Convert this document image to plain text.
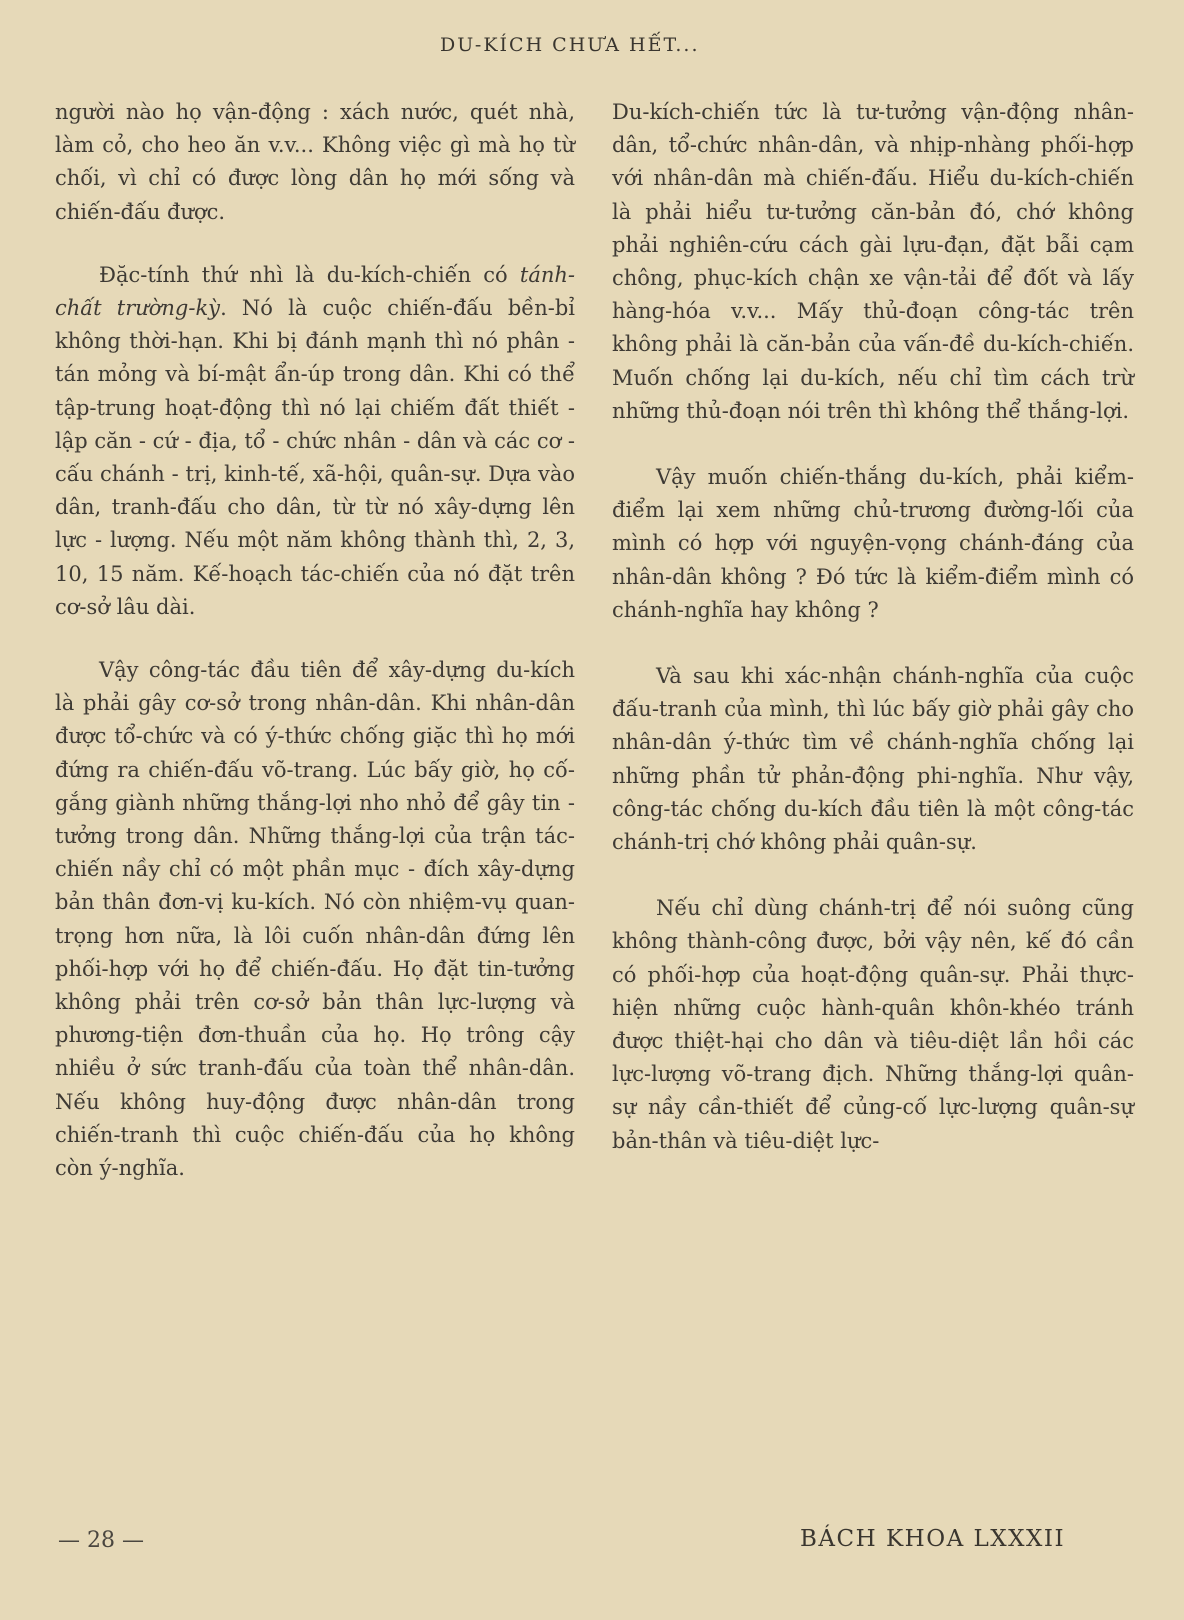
DU-KÍCH CHƯA HẾT...

người nào họ vận-động : xách nước, quét nhà, làm cỏ, cho heo ăn v.v... Không việc gì mà họ từ chối, vì chỉ có được lòng dân họ mới sống và chiến-đấu được.

Đặc-tính thứ nhì là du-kích-chiến có tánh-chất trường-kỳ. Nó là cuộc chiến-đấu bền-bỉ không thời-hạn. Khi bị đánh mạnh thì nó phân - tán mỏng và bí-mật ẩn-úp trong dân. Khi có thể tập-trung hoạt-động thì nó lại chiếm đất thiết - lập căn - cứ - địa, tổ - chức nhân - dân và các cơ - cấu chánh - trị, kinh-tế, xã-hội, quân-sự. Dựa vào dân, tranh-đấu cho dân, từ từ nó xây-dựng lên lực - lượng. Nếu một năm không thành thì, 2, 3, 10, 15 năm. Kế-hoạch tác-chiến của nó đặt trên cơ-sở lâu dài.

Vậy công-tác đầu tiên để xây-dựng du-kích là phải gây cơ-sở trong nhân-dân. Khi nhân-dân được tổ-chức và có ý-thức chống giặc thì họ mới đứng ra chiến-đấu võ-trang. Lúc bấy giờ, họ cố-gắng giành những thắng-lợi nho nhỏ để gây tin - tưởng trong dân. Những thắng-lợi của trận tác-chiến nầy chỉ có một phần mục - đích xây-dựng bản thân đơn-vị ku-kích. Nó còn nhiệm-vụ quan-trọng hơn nữa, là lôi cuốn nhân-dân đứng lên phối-hợp với họ để chiến-đấu. Họ đặt tin-tưởng không phải trên cơ-sở bản thân lực-lượng và phương-tiện đơn-thuần của họ. Họ trông cậy nhiều ở sức tranh-đấu của toàn thể nhân-dân. Nếu không huy-động được nhân-dân trong chiến-tranh thì cuộc chiến-đấu của họ không còn ý-nghĩa.

Du-kích-chiến tức là tư-tưởng vận-động nhân-dân, tổ-chức nhân-dân, và nhịp-nhàng phối-hợp với nhân-dân mà chiến-đấu. Hiểu du-kích-chiến là phải hiểu tư-tưởng căn-bản đó, chớ không phải nghiên-cứu cách gài lựu-đạn, đặt bẫi cạm chông, phục-kích chận xe vận-tải để đốt và lấy hàng-hóa v.v... Mấy thủ-đoạn công-tác trên không phải là căn-bản của vấn-đề du-kích-chiến. Muốn chống lại du-kích, nếu chỉ tìm cách trừ những thủ-đoạn nói trên thì không thể thắng-lợi.

Vậy muốn chiến-thắng du-kích, phải kiểm-điểm lại xem những chủ-trương đường-lối của mình có hợp với nguyện-vọng chánh-đáng của nhân-dân không ? Đó tức là kiểm-điểm mình có chánh-nghĩa hay không ?

Và sau khi xác-nhận chánh-nghĩa của cuộc đấu-tranh của mình, thì lúc bấy giờ phải gây cho nhân-dân ý-thức tìm về chánh-nghĩa chống lại những phần tử phản-động phi-nghĩa. Như vậy, công-tác chống du-kích đầu tiên là một công-tác chánh-trị chớ không phải quân-sự.

Nếu chỉ dùng chánh-trị để nói suông cũng không thành-công được, bởi vậy nên, kế đó cần có phối-hợp của hoạt-động quân-sự. Phải thực-hiện những cuộc hành-quân khôn-khéo tránh được thiệt-hại cho dân và tiêu-diệt lần hồi các lực-lượng võ-trang địch. Những thắng-lợi quân-sự nầy cần-thiết để củng-cố lực-lượng quân-sự bản-thân và tiêu-diệt lực-

— 28 —	BÁCH KHOA LXXXII
